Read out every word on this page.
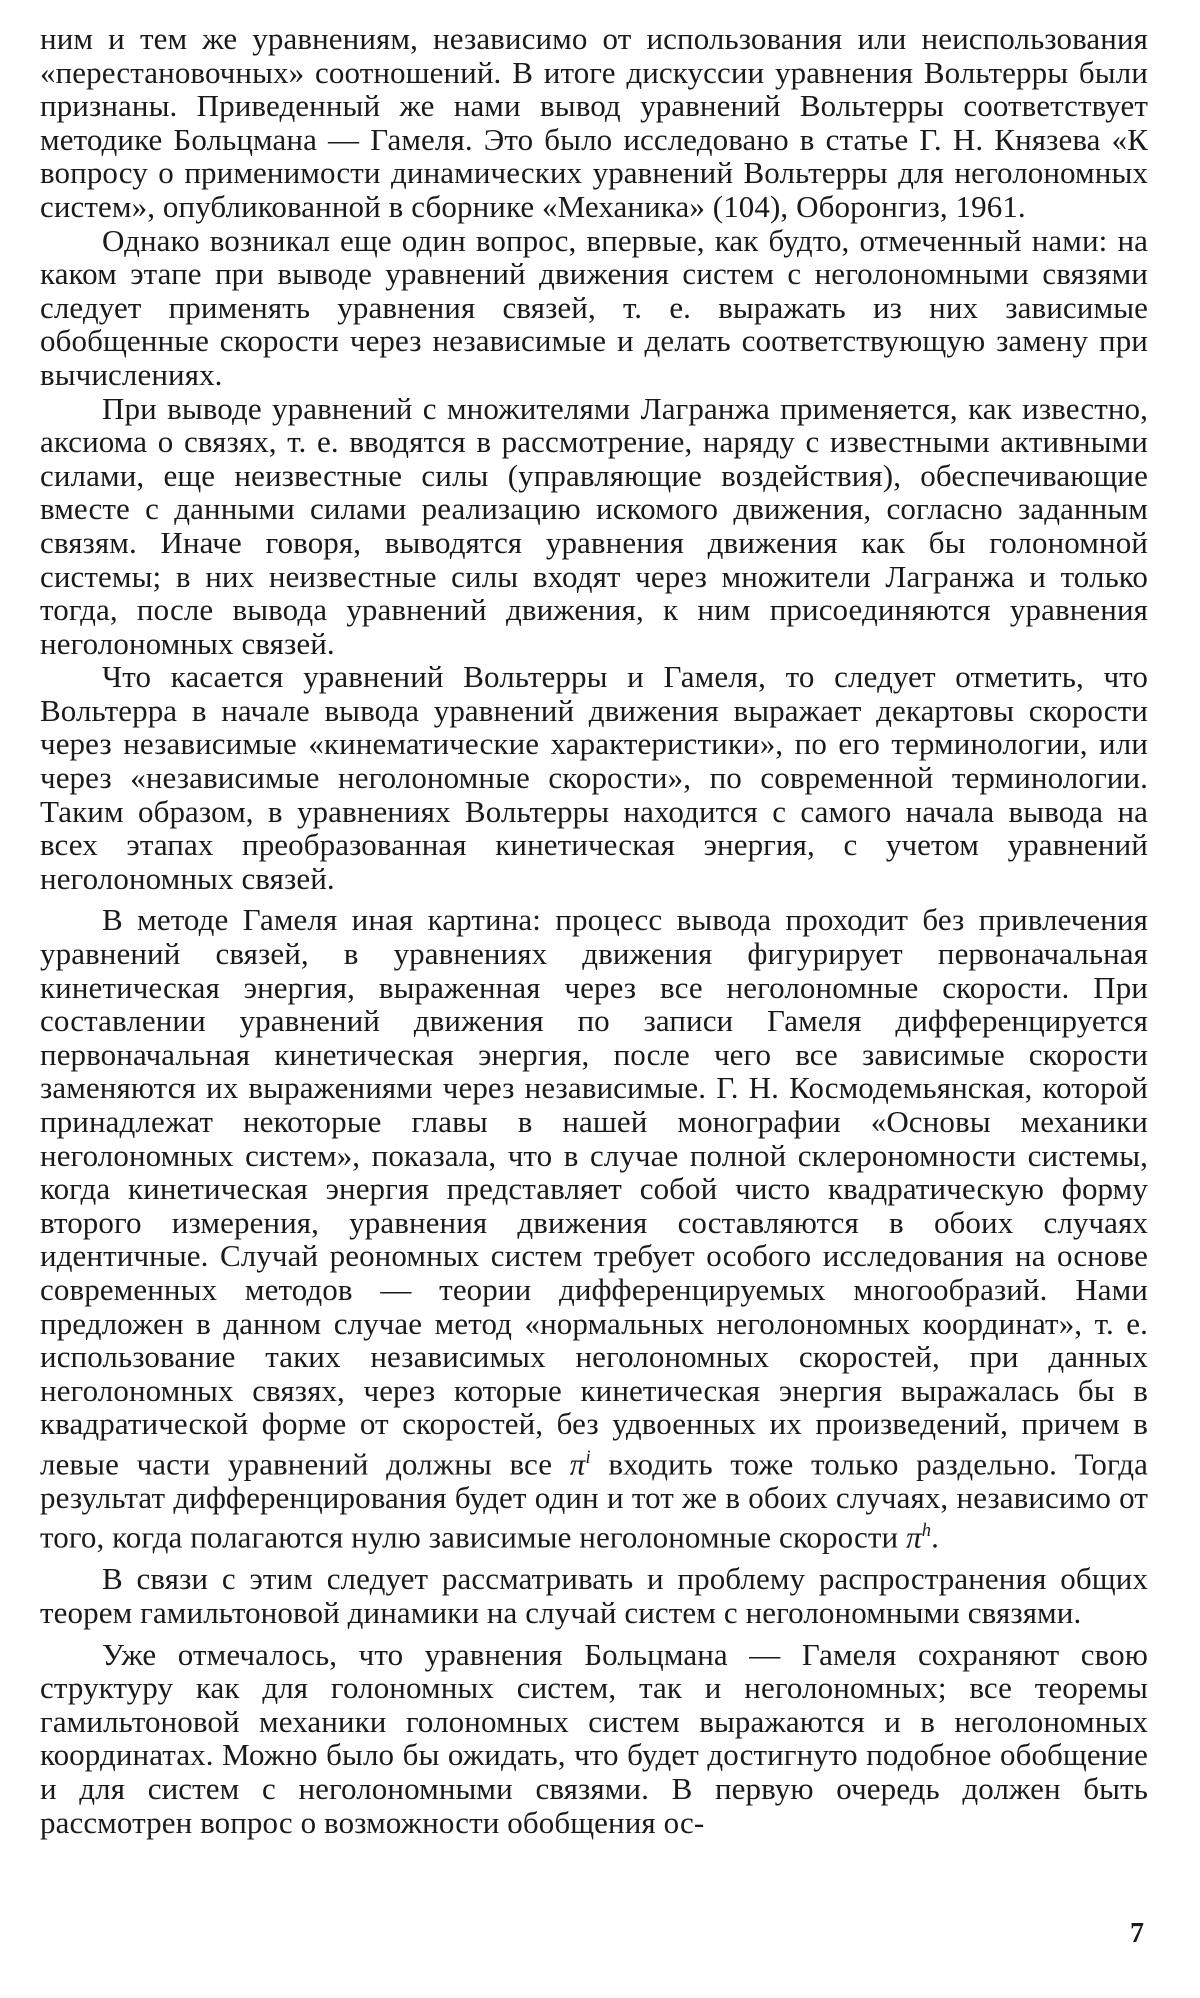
ним и тем же уравнениям, независимо от использования или неиспользования «перестановочных» соотношений. В итоге дискуссии уравнения Вольтерры были признаны. Приведенный же нами вывод уравнений Вольтерры соответствует методике Больцмана — Гамеля. Это было исследовано в статье Г. Н. Князева «К вопросу о применимости динамических уравнений Вольтерры для неголономных систем», опубликованной в сборнике «Механика» (104), Оборонгиз, 1961.

Однако возникал еще один вопрос, впервые, как будто, отмеченный нами: на каком этапе при выводе уравнений движения систем с неголономными связями следует применять уравнения связей, т. е. выражать из них зависимые обобщенные скорости через независимые и делать соответствующую замену при вычислениях.

При выводе уравнений с множителями Лагранжа применяется, как известно, аксиома о связях, т. е. вводятся в рассмотрение, наряду с известными активными силами, еще неизвестные силы (управляющие воздействия), обеспечивающие вместе с данными силами реализацию искомого движения, согласно заданным связям. Иначе говоря, выводятся уравнения движения как бы голономной системы; в них неизвестные силы входят через множители Лагранжа и только тогда, после вывода уравнений движения, к ним присоединяются уравнения неголономных связей.

Что касается уравнений Вольтерры и Гамеля, то следует отметить, что Вольтерра в начале вывода уравнений движения выражает декартовы скорости через независимые «кинематические характеристики», по его терминологии, или через «независимые неголономные скорости», по современной терминологии. Таким образом, в уравнениях Вольтерры находится с самого начала вывода на всех этапах преобразованная кинетическая энергия, с учетом уравнений неголономных связей.

В методе Гамеля иная картина: процесс вывода проходит без привлечения уравнений связей, в уравнениях движения фигурирует первоначальная кинетическая энергия, выраженная через все неголономные скорости. При составлении уравнений движения по записи Гамеля дифференцируется первоначальная кинетическая энергия, после чего все зависимые скорости заменяются их выражениями через независимые. Г. Н. Космодемьянская, которой принадлежат некоторые главы в нашей монографии «Основы механики неголономных систем», показала, что в случае полной склерономности системы, когда кинетическая энергия представляет собой чисто квадратическую форму второго измерения, уравнения движения составляются в обоих случаях идентичные. Случай реономных систем требует особого исследования на основе современных методов — теории дифференцируемых многообразий. Нами предложен в данном случае метод «нормальных неголономных координат», т. е. использование таких независимых неголономных скоростей, при данных неголономных связях, через которые кинетическая энергия выражалась бы в квадратической форме от скоростей, без удвоенных их произведений, причем в левые части уравнений должны все $\pi^i$ входить тоже только раздельно. Тогда результат дифференцирования будет один и тот же в обоих случаях, независимо от того, когда полагаются нулю зависимые неголономные скорости $\pi^h$.

В связи с этим следует рассматривать и проблему распространения общих теорем гамильтоновой динамики на случай систем с неголономными связями.

Уже отмечалось, что уравнения Больцмана — Гамеля сохраняют свою структуру как для голономных систем, так и неголономных; все теоремы гамильтоновой механики голономных систем выражаются и в неголономных координатах. Можно было бы ожидать, что будет достигнуто подобное обобщение и для систем с неголономными связями. В первую очередь должен быть рассмотрен вопрос о возможности обобщения ос-

7
